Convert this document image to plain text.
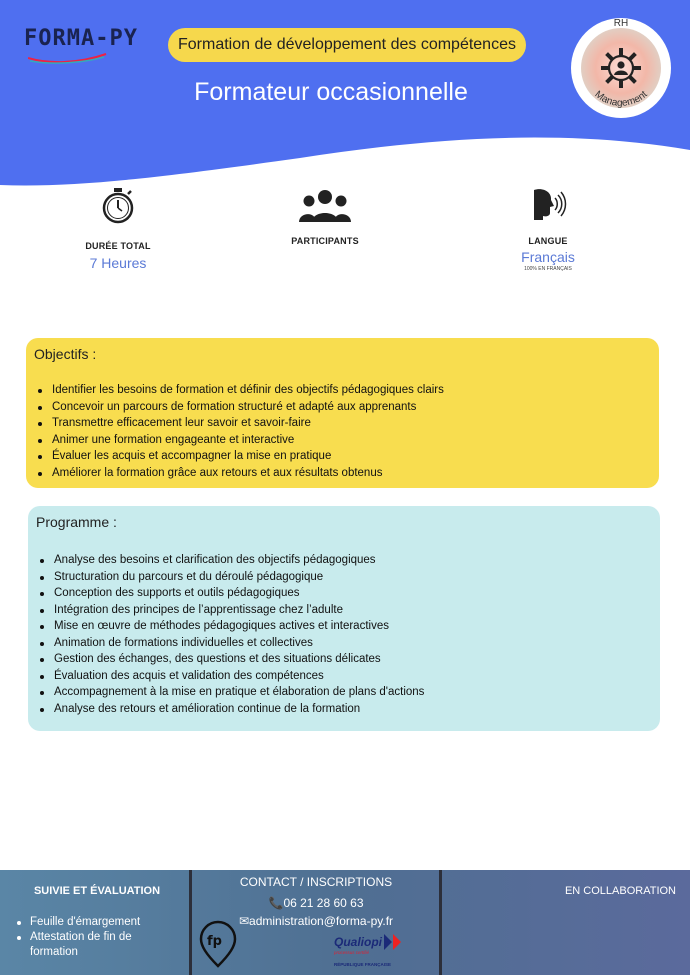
FORMA-PY	Formation de développement des compétences
Formateur occasionnelle
RH
Management
DURÉE TOTAL
7 Heures
PARTICIPANTS	LANGUE
Français
100% EN FRANÇAIS
Objectifs :
Identifier les besoins de formation et définir des objectifs pédagogiques clairs
Concevoir un parcours de formation structuré et adapté aux apprenants
Transmettre efficacement leur savoir et savoir-faire
Animer une formation engageante et interactive
Évaluer les acquis et accompagner la mise en pratique
Améliorer la formation grâce aux retours et aux résultats obtenus
Programme :
Analyse des besoins et clarification des objectifs pédagogiques
Structuration du parcours et du déroulé pédagogique
Conception des supports et outils pédagogiques
Intégration des principes de l’apprentissage chez l’adulte
Mise en œuvre de méthodes pédagogiques actives et interactives
Animation de formations individuelles et collectives
Gestion des échanges, des questions et des situations délicates
Évaluation des acquis et validation des compétences
Accompagnement à la mise en pratique et élaboration de plans d'actions
Analyse des retours et amélioration continue de la formation
SUIVIE ET ÉVALUATION
Feuille d'émargement
Attestation de fin de formation
CONTACT / INSCRIPTIONS
📞06 21 28 60 63
✉administration@forma-py.fr
fp	Qualiopi
processus certifié
RÉPUBLIQUE FRANÇAISE
EN COLLABORATION
